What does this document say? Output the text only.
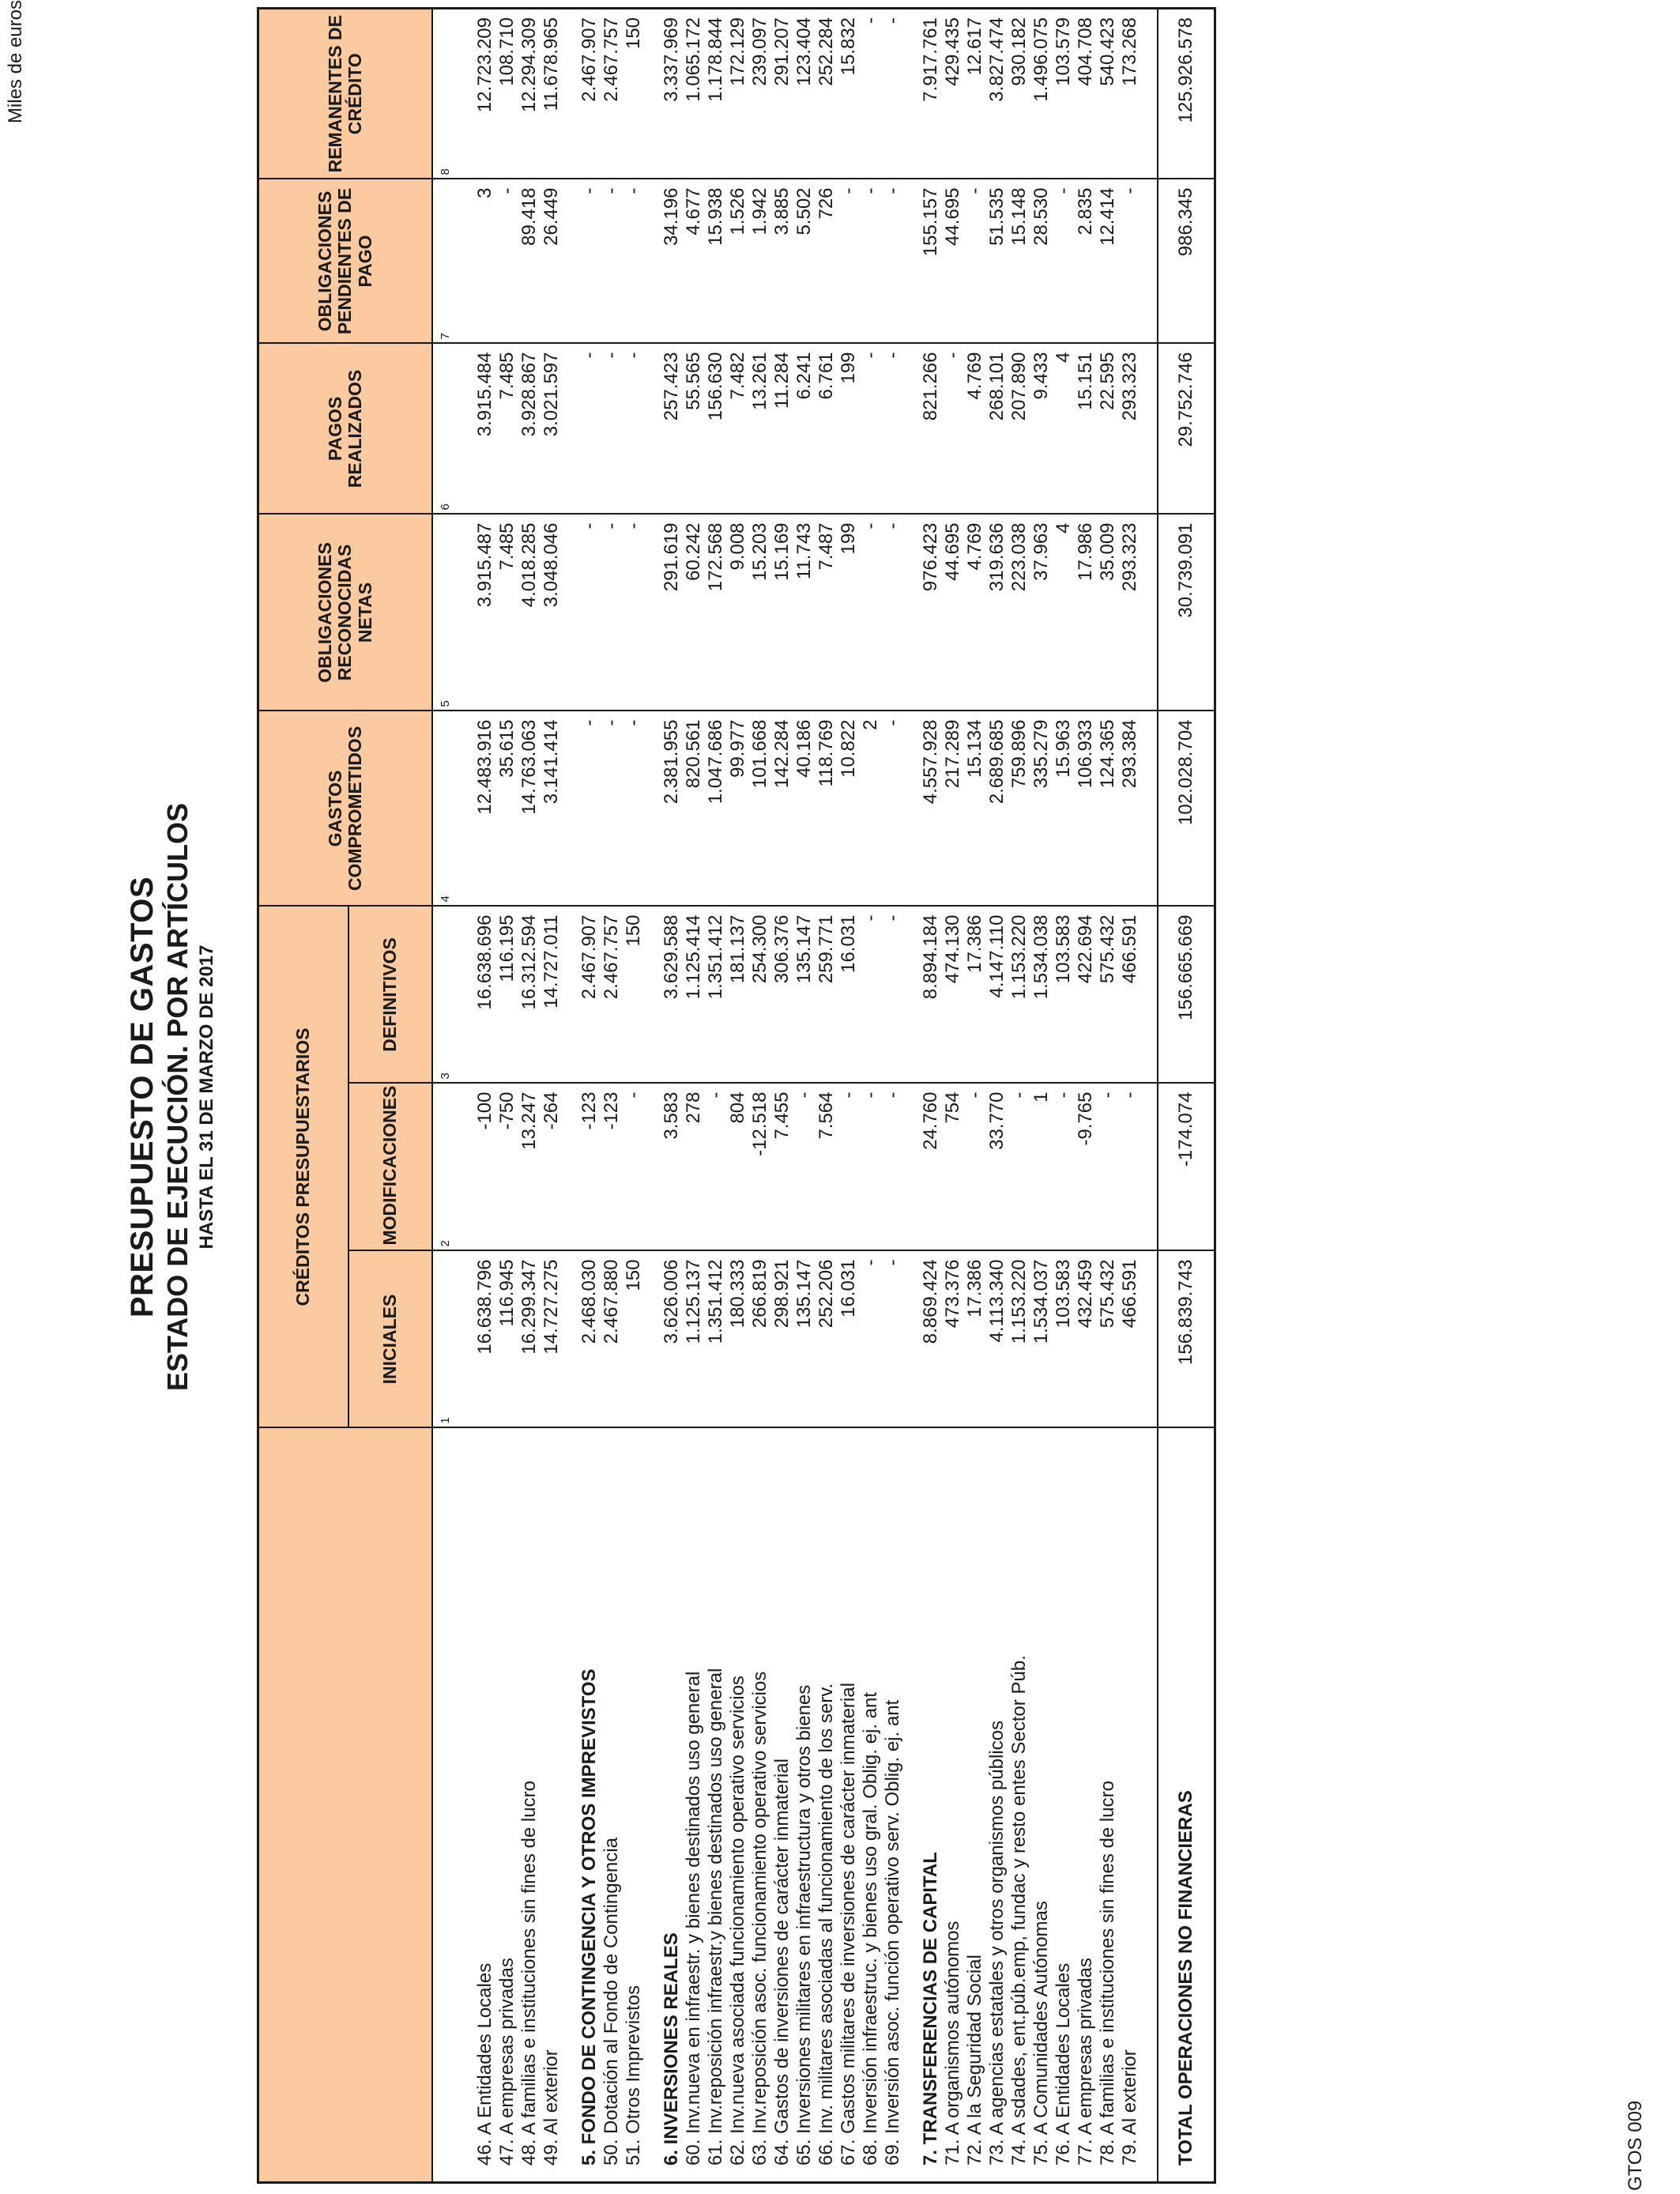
PRESUPUESTO DE GASTOS ESTADO DE EJECUCIÓN. POR ARTÍCULOS HASTA EL 31 DE MARZO DE 2017
Miles de euros
	CRÉDITOS PRESUPUESTARIOS			GASTOS COMPROMETIDOS	OBLIGACIONES RECONOCIDAS NETAS	PAGOS REALIZADOS	OBLIGACIONES PENDIENTES DE PAGO	REMANENTES DE CRÉDITO
	INICIALES	MODIFICACIONES	DEFINITIVOS					
	1	2	3	4	5	6	7	8

46. A Entidades Locales	16.638.796	-100	16.638.696	12.483.916	3.915.487	3.915.484	3	12.723.209
47. A empresas privadas	116.945	-750	116.195	35.615	7.485	7.485	-	108.710
48. A familias e instituciones sin fines de lucro	16.299.347	13.247	16.312.594	14.763.063	4.018.285	3.928.867	89.418	12.294.309
49. Al exterior	14.727.275	-264	14.727.011	3.141.414	3.048.046	3.021.597	26.449	11.678.965

5. FONDO DE CONTINGENCIA Y OTROS IMPREVISTOS	2.468.030	-123	2.467.907	-	-	-	-	2.467.907
50. Dotación al Fondo de Contingencia	2.467.880	-123	2.467.757	-	-	-	-	2.467.757
51. Otros Imprevistos	150	-	150	-	-	-	-	150

6. INVERSIONES REALES	3.626.006	3.583	3.629.588	2.381.955	291.619	257.423	34.196	3.337.969
60. Inv.nueva en infraestr. y bienes destinados uso general	1.125.137	278	1.125.414	820.561	60.242	55.565	4.677	1.065.172
61. Inv.reposición infraestr.y bienes destinados uso general	1.351.412	-	1.351.412	1.047.686	172.568	156.630	15.938	1.178.844
62. Inv.nueva asociada funcionamiento operativo servicios	180.333	804	181.137	99.977	9.008	7.482	1.526	172.129
63. Inv.reposición asoc. funcionamiento operativo servicios	266.819	-12.518	254.300	101.668	15.203	13.261	1.942	239.097
64. Gastos de inversiones de carácter inmaterial	298.921	7.455	306.376	142.284	15.169	11.284	3.885	291.207
65. Inversiones militares en infraestructura y otros bienes	135.147	-	135.147	40.186	11.743	6.241	5.502	123.404
66. Inv. militares asociadas al funcionamiento de los serv.	252.206	7.564	259.771	118.769	7.487	6.761	726	252.284
67. Gastos militares de inversiones de carácter inmaterial	16.031	-	16.031	10.822	199	199	-	15.832
68. Inversión infraestruc. y bienes uso gral. Oblig. ej. ant	-	-	-	2	-	-	-	-
69. Inversión asoc. función operativo serv. Oblig. ej. ant	-	-	-	-	-	-	-	-

7. TRANSFERENCIAS DE CAPITAL	8.869.424	24.760	8.894.184	4.557.928	976.423	821.266	155.157	7.917.761
71. A organismos autónomos	473.376	754	474.130	217.289	44.695	-	44.695	429.435
72. A la Seguridad Social	17.386	-	17.386	15.134	4.769	4.769	-	12.617
73. A agencias estatales y otros organismos públicos	4.113.340	33.770	4.147.110	2.689.685	319.636	268.101	51.535	3.827.474
74. A sdades, ent.púb.emp, fundac y resto entes Sector Púb.	1.153.220	-	1.153.220	759.896	223.038	207.890	15.148	930.182
75. A Comunidades Autónomas	1.534.037	1	1.534.038	335.279	37.963	9.433	28.530	1.496.075
76. A Entidades Locales	103.583	-	103.583	15.963	4	4	-	103.579
77. A empresas privadas	432.459	-9.765	422.694	106.933	17.986	15.151	2.835	404.708
78. A familias e instituciones sin fines de lucro	575.432	-	575.432	124.365	35.009	22.595	12.414	540.423
79. Al exterior	466.591	-	466.591	293.384	293.323	293.323	-	173.268

TOTAL OPERACIONES NO FINANCIERAS	156.839.743	-174.074	156.665.669	102.028.704	30.739.091	29.752.746	986.345	125.926.578
GTOS 009
